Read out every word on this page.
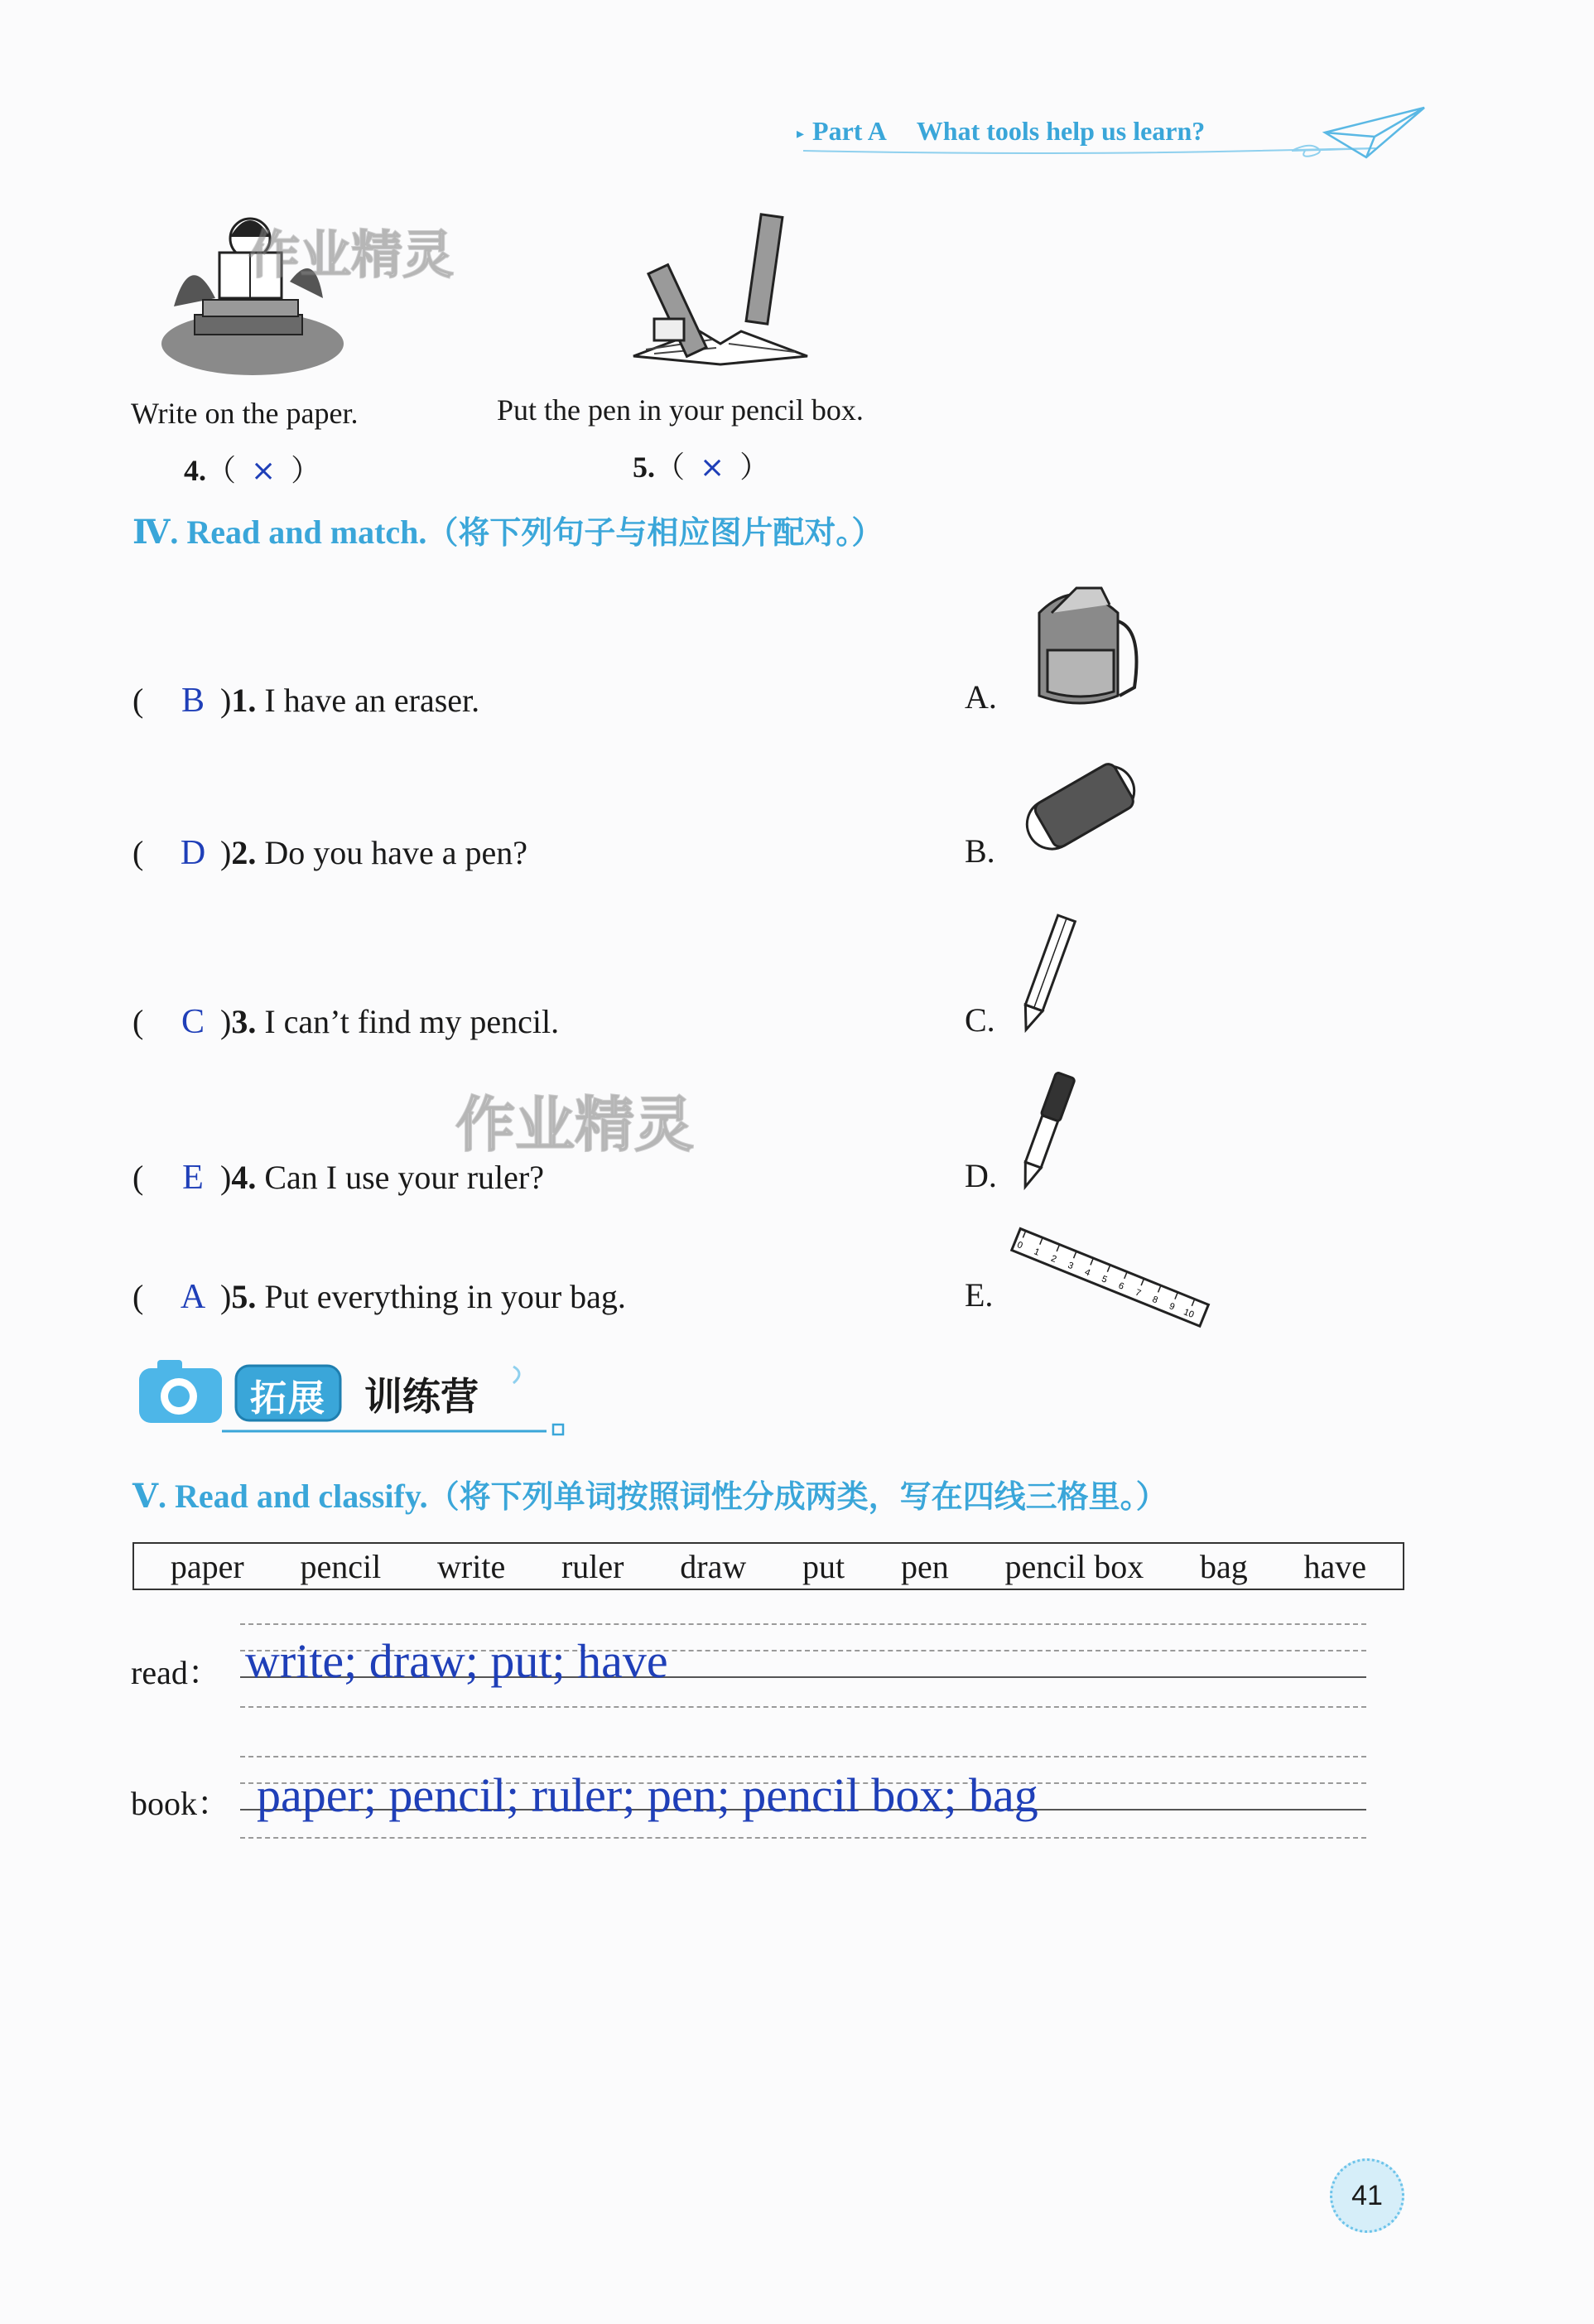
▸ Part A What tools help us learn?
作业精灵
Write on the paper.	Put the pen in your pencil box.
4.（ × ）	5.（ × ）
Ⅳ. Read and match.（将下列句子与相应图片配对。）
( B )1. I have an eraser.
( D )2. Do you have a pen?
( C )3. I can’t find my pencil.
( E )4. Can I use your ruler?
( A )5. Put everything in your bag.
A.
B.
C.
D.
E.
0
1
2
3
4
5
6
7
8
9
10
作业精灵
拓展	训练营
Ⅴ. Read and classify.（将下列单词按照词性分成两类，写在四线三格里。）
paper pencil write ruler draw put pen pencil box bag have
read： write; draw; put; have
book： paper; pencil; ruler; pen; pencil box; bag
41
